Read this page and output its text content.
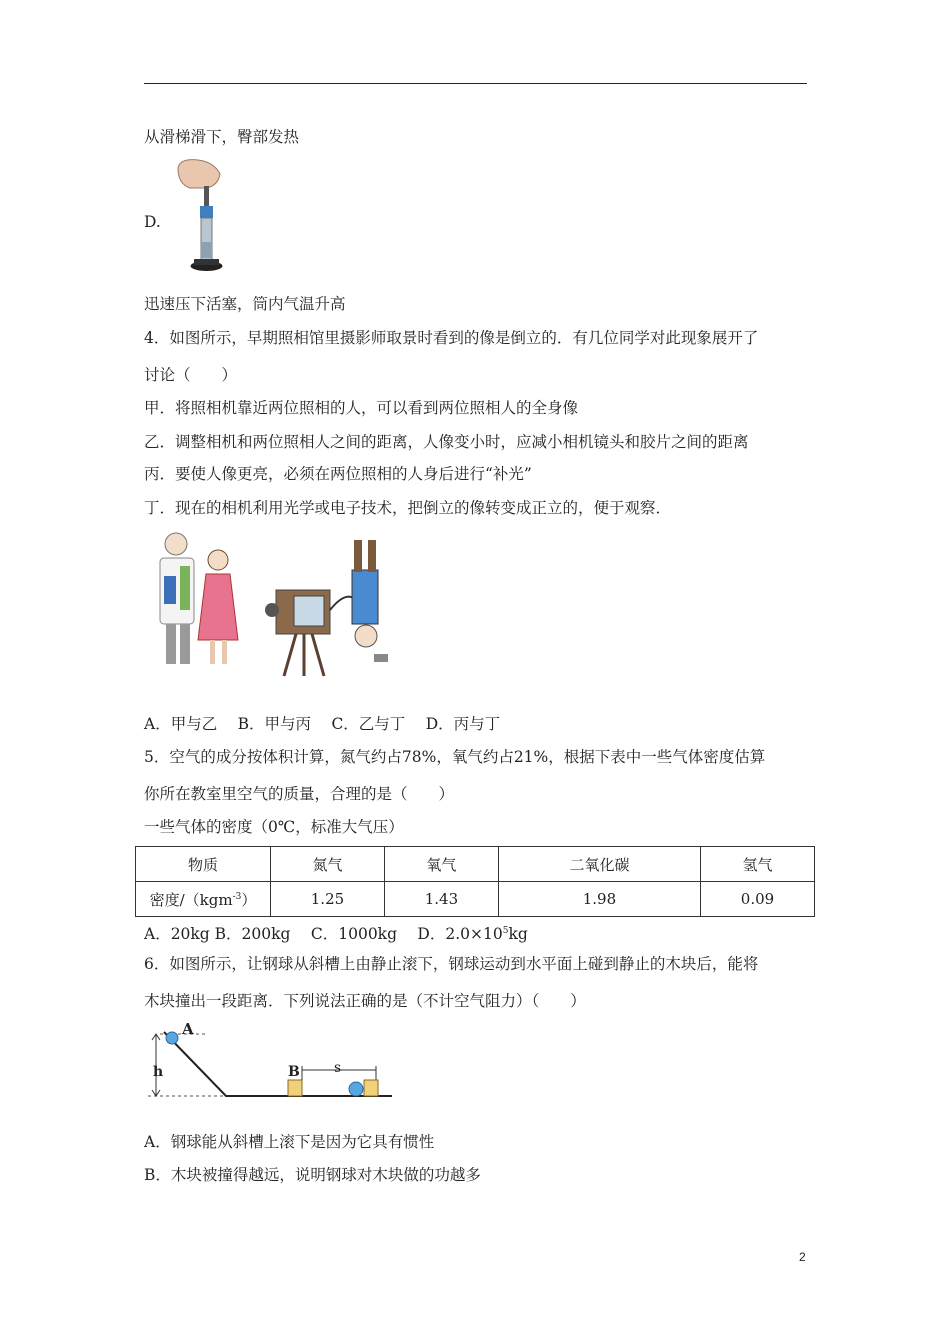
从滑梯滑下，臀部发热
D.
迅速压下活塞，筒内气温升高
4．如图所示，早期照相馆里摄影师取景时看到的像是倒立的．有几位同学对此现象展开了
讨论（　　）
甲．将照相机靠近两位照相的人，可以看到两位照相人的全身像
乙．调整相机和两位照相人之间的距离，人像变小时，应减小相机镜头和胶片之间的距离
丙．要使人像更亮，必须在两位照相的人身后进行“补光”
丁．现在的相机利用光学或电子技术，把倒立的像转变成正立的，便于观察．
A．甲与乙　 B．甲与丙　 C．乙与丁　 D．丙与丁
5．空气的成分按体积计算，氮气约占78%，氧气约占21%，根据下表中一些气体密度估算
你所在教室里空气的质量，合理的是（　　）
一些气体的密度（0℃，标准大气压）
物质	氮气	氧气	二氧化碳	氢气
密度/（kgm$^{-3}$）	1.25	1.43	1.98	0.09
A．20kg B．200kg　 C．1000kg　 D．$2.0\times 10^5kg$
6．如图所示，让钢球从斜槽上由静止滚下，钢球运动到水平面上碰到静止的木块后，能将
木块撞出一段距离．下列说法正确的是（不计空气阻力）（　　）
h
A
B s
A．钢球能从斜槽上滚下是因为它具有惯性
B．木块被撞得越远，说明钢球对木块做的功越多
2
